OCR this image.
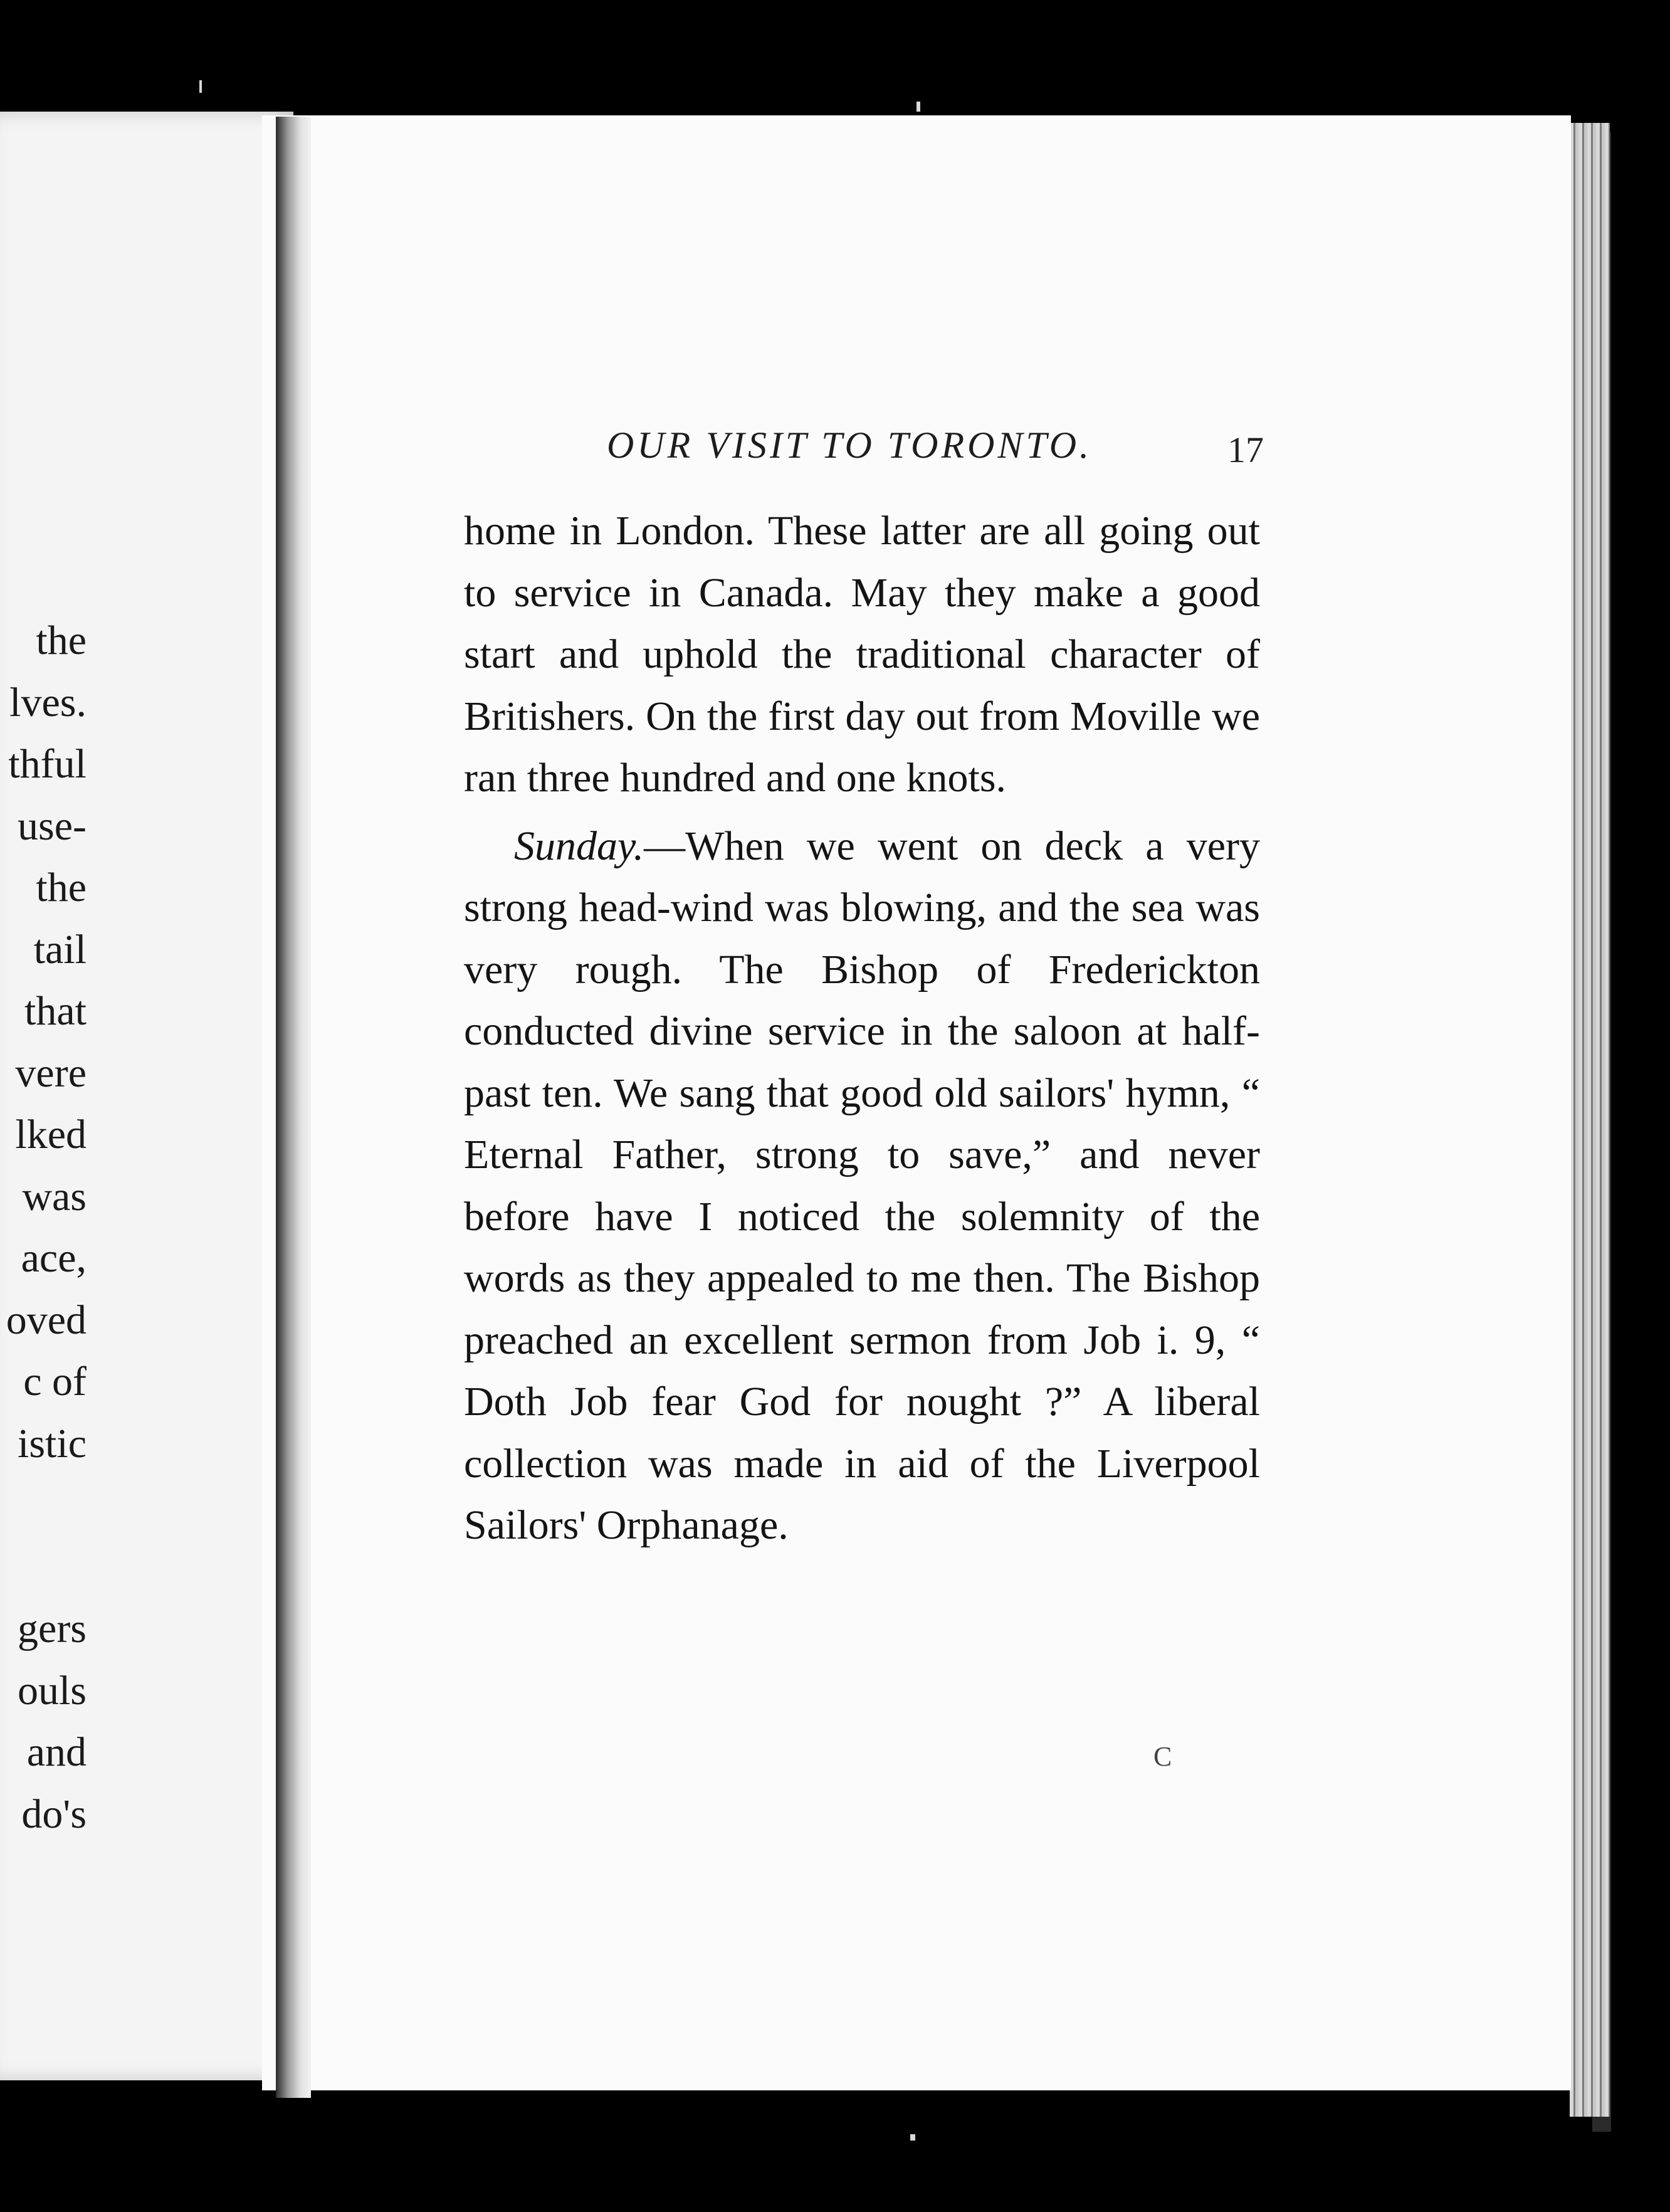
the
lves.
thful
use-
the
tail
that
vere
lked
was
ace,
oved
c of
istic
gers
ouls
and
do's
OUR VISIT TO TORONTO.	17

home in London. These latter are all going out to service in Canada. May they make a good start and uphold the traditional character of Britishers. On the first day out from Moville we ran three hundred and one knots.

Sunday.—When we went on deck a very strong head-wind was blowing, and the sea was very rough. The Bishop of Frederickton conducted divine service in the saloon at half-past ten. We sang that good old sailors' hymn, “ Eternal Father, strong to save,” and never before have I noticed the solemnity of the words as they appealed to me then. The Bishop preached an excellent sermon from Job i. 9, “ Doth Job fear God for nought ?” A liberal collection was made in aid of the Liverpool Sailors' Orphanage.

C
